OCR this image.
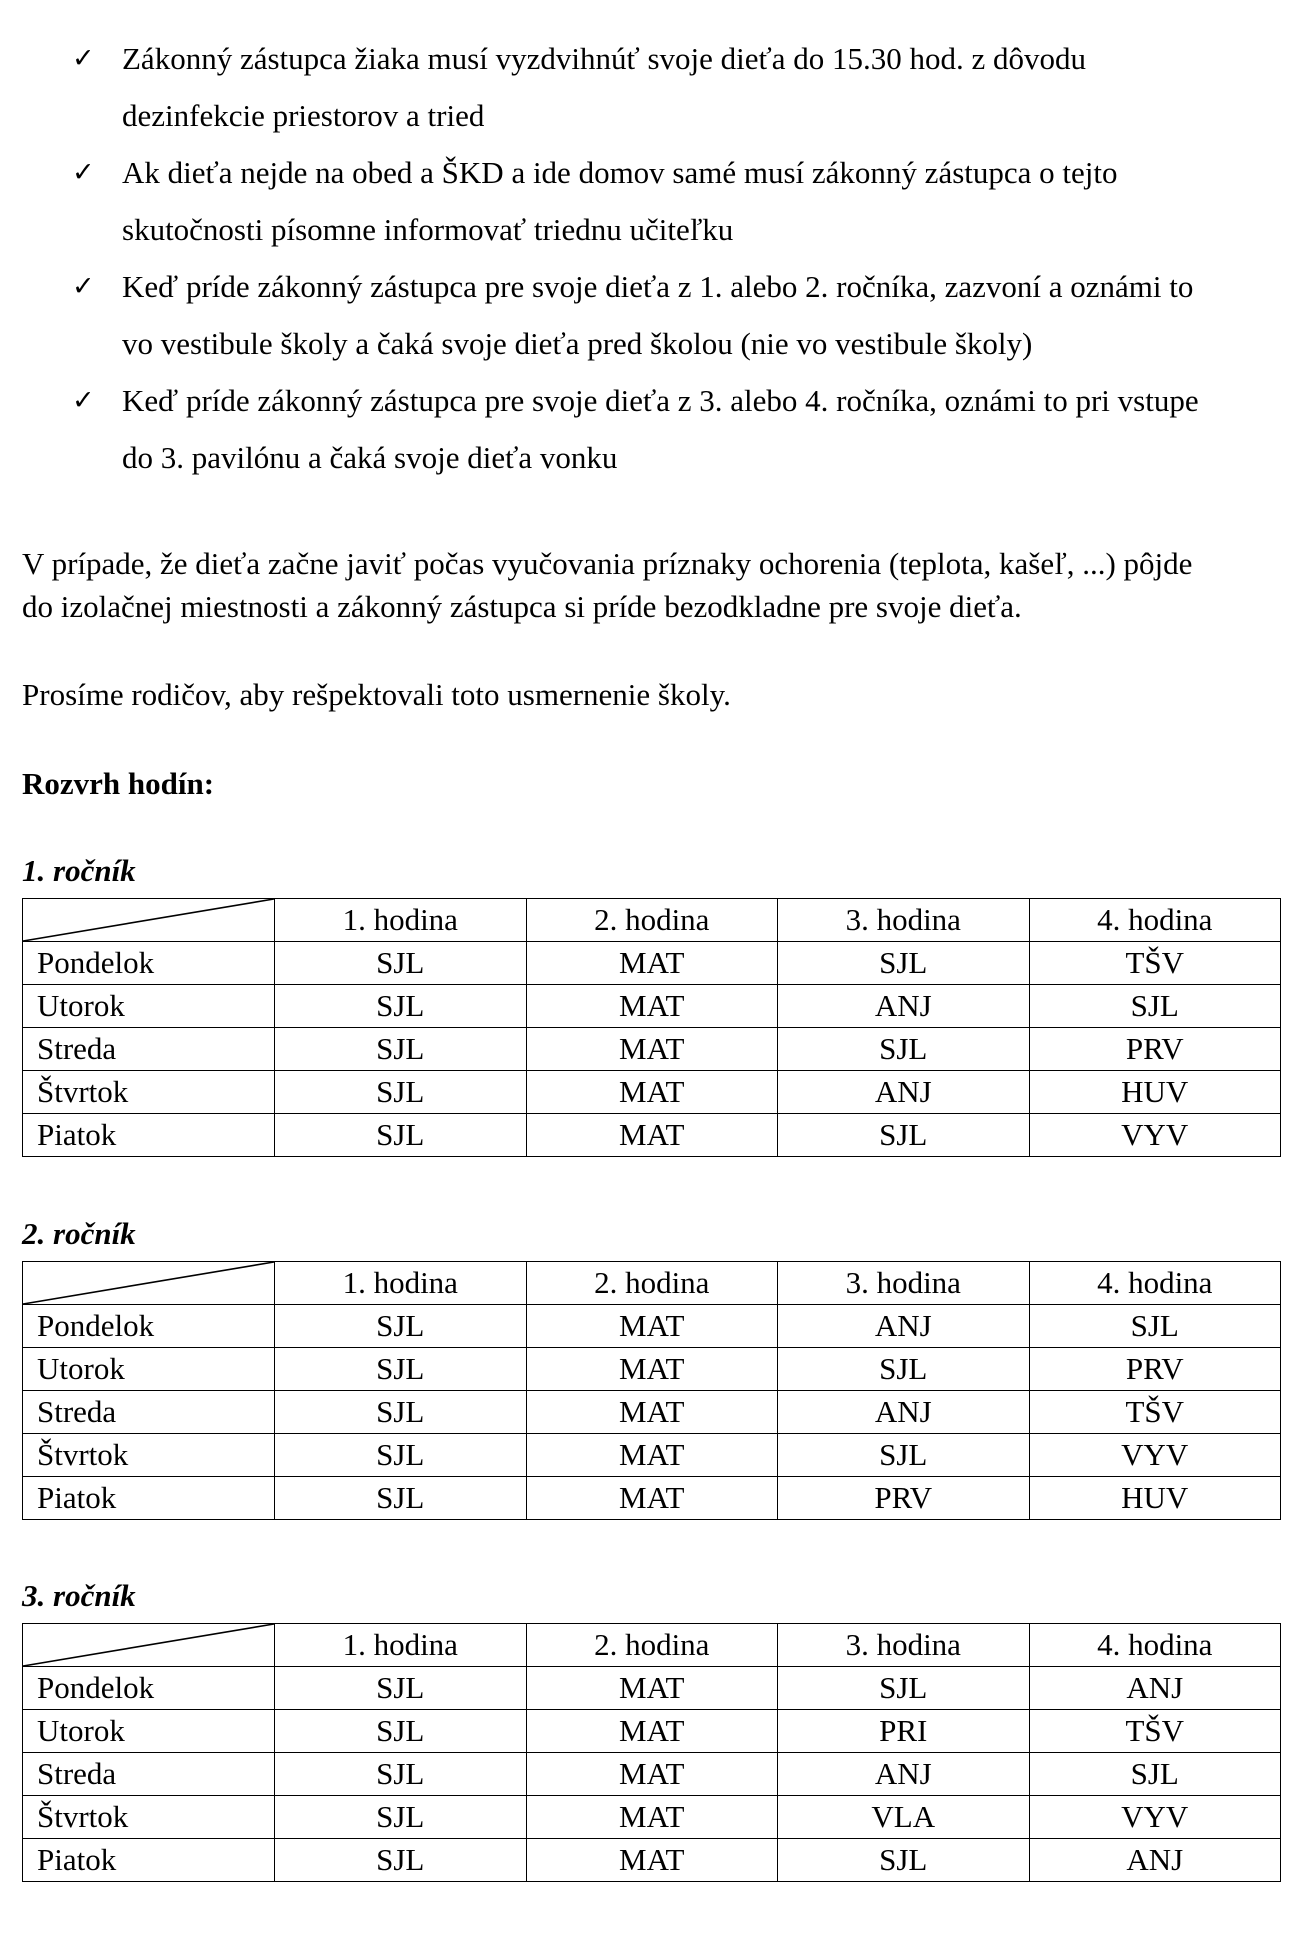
✓ Zákonný zástupca žiaka musí vyzdvihnúť svoje dieťa do 15.30 hod. z dôvodu
dezinfekcie priestorov a tried
✓ Ak dieťa nejde na obed a ŠKD a ide domov samé musí zákonný zástupca o tejto
skutočnosti písomne informovať triednu učiteľku
✓ Keď príde zákonný zástupca pre svoje dieťa z 1. alebo 2. ročníka, zazvoní a oznámi to
vo vestibule školy a čaká svoje dieťa pred školou (nie vo vestibule školy)
✓ Keď príde zákonný zástupca pre svoje dieťa z 3. alebo 4. ročníka, oznámi to pri vstupe
do 3. pavilónu a čaká svoje dieťa vonku

V prípade, že dieťa začne javiť počas vyučovania príznaky ochorenia (teplota, kašeľ, ...) pôjde
do izolačnej miestnosti a zákonný zástupca si príde bezodkladne pre svoje dieťa.

Prosíme rodičov, aby rešpektovali toto usmernenie školy.

Rozvrh hodín:

1. ročník

	1. hodina	2. hodina	3. hodina	4. hodina
Pondelok	SJL	MAT	SJL	TŠV
Utorok	SJL	MAT	ANJ	SJL
Streda	SJL	MAT	SJL	PRV
Štvrtok	SJL	MAT	ANJ	HUV
Piatok	SJL	MAT	SJL	VYV

2. ročník

	1. hodina	2. hodina	3. hodina	4. hodina
Pondelok	SJL	MAT	ANJ	SJL
Utorok	SJL	MAT	SJL	PRV
Streda	SJL	MAT	ANJ	TŠV
Štvrtok	SJL	MAT	SJL	VYV
Piatok	SJL	MAT	PRV	HUV

3. ročník

	1. hodina	2. hodina	3. hodina	4. hodina
Pondelok	SJL	MAT	SJL	ANJ
Utorok	SJL	MAT	PRI	TŠV
Streda	SJL	MAT	ANJ	SJL
Štvrtok	SJL	MAT	VLA	VYV
Piatok	SJL	MAT	SJL	ANJ
